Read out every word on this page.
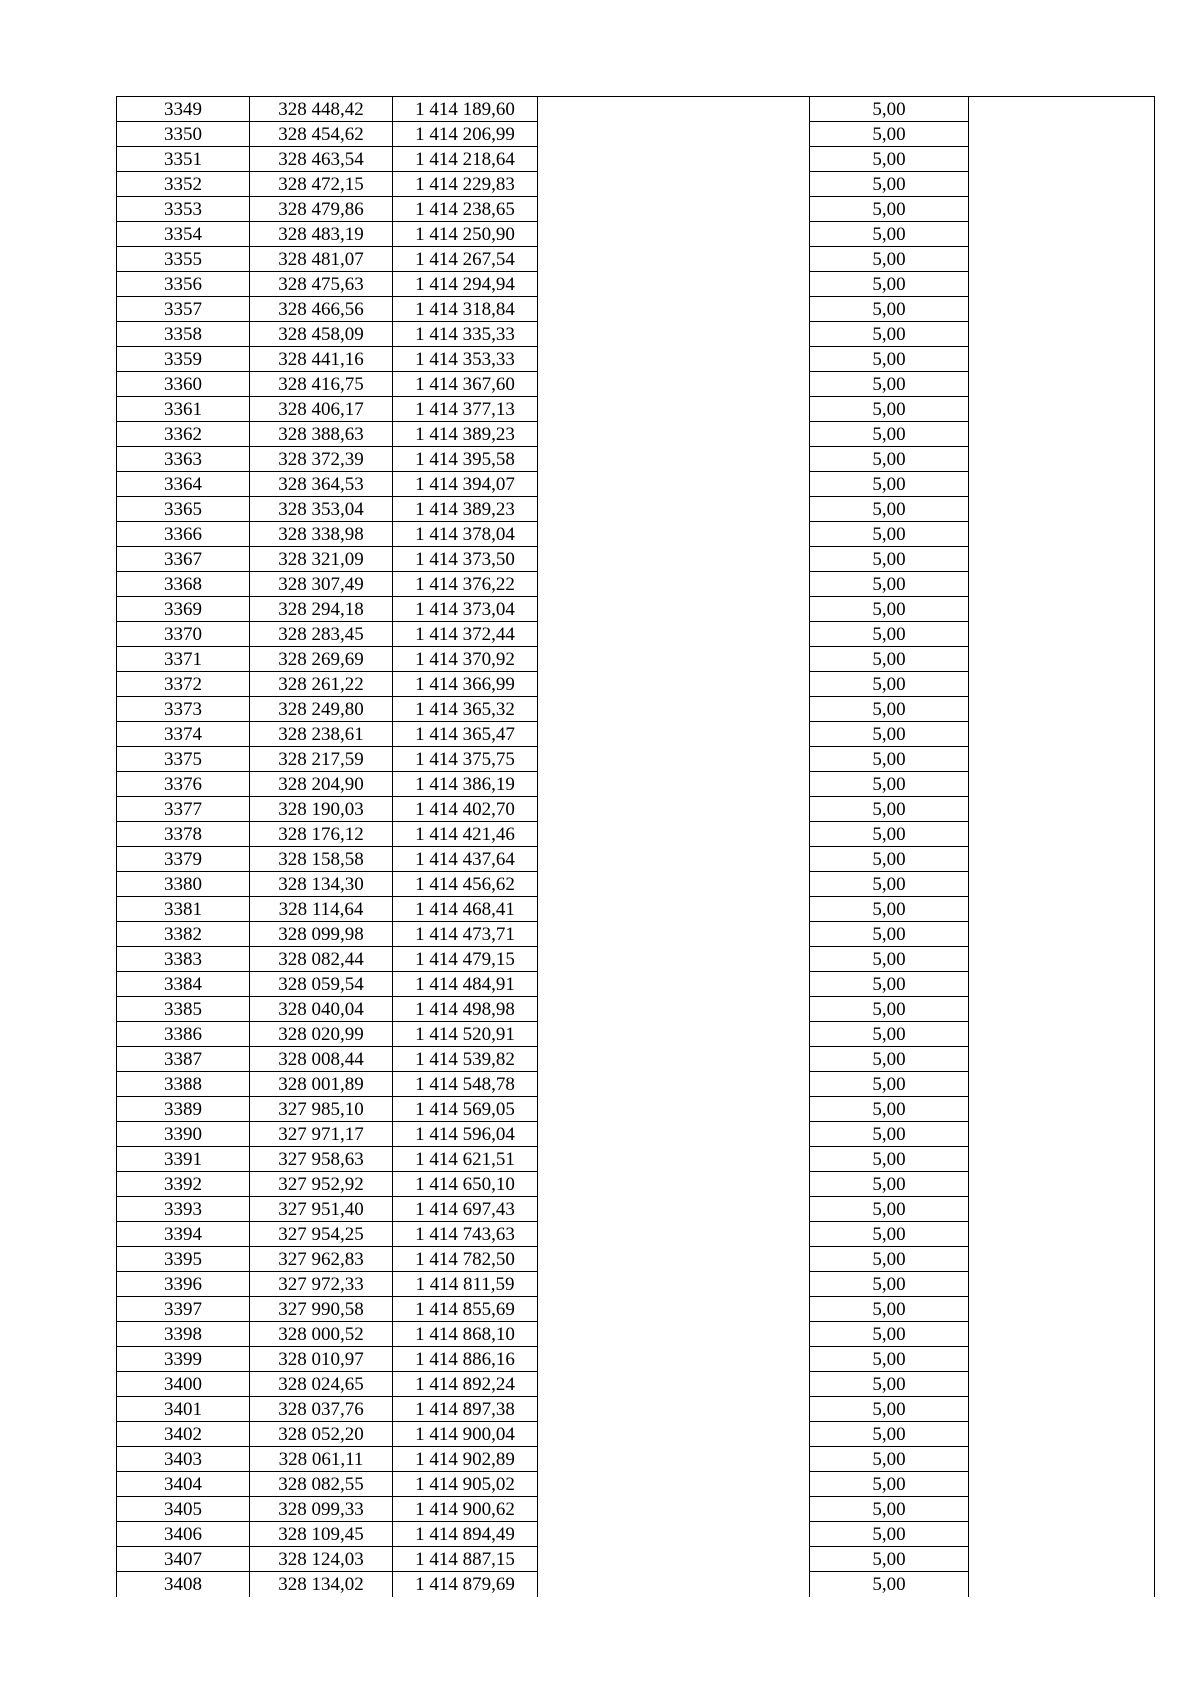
3349	328 448,42	1 414 189,60		5,00	
3350	328 454,62	1 414 206,99		5,00	
3351	328 463,54	1 414 218,64		5,00	
3352	328 472,15	1 414 229,83		5,00	
3353	328 479,86	1 414 238,65		5,00	
3354	328 483,19	1 414 250,90		5,00	
3355	328 481,07	1 414 267,54		5,00	
3356	328 475,63	1 414 294,94		5,00	
3357	328 466,56	1 414 318,84		5,00	
3358	328 458,09	1 414 335,33		5,00	
3359	328 441,16	1 414 353,33		5,00	
3360	328 416,75	1 414 367,60		5,00	
3361	328 406,17	1 414 377,13		5,00	
3362	328 388,63	1 414 389,23		5,00	
3363	328 372,39	1 414 395,58		5,00	
3364	328 364,53	1 414 394,07		5,00	
3365	328 353,04	1 414 389,23		5,00	
3366	328 338,98	1 414 378,04		5,00	
3367	328 321,09	1 414 373,50		5,00	
3368	328 307,49	1 414 376,22		5,00	
3369	328 294,18	1 414 373,04		5,00	
3370	328 283,45	1 414 372,44		5,00	
3371	328 269,69	1 414 370,92		5,00	
3372	328 261,22	1 414 366,99		5,00	
3373	328 249,80	1 414 365,32		5,00	
3374	328 238,61	1 414 365,47		5,00	
3375	328 217,59	1 414 375,75		5,00	
3376	328 204,90	1 414 386,19		5,00	
3377	328 190,03	1 414 402,70		5,00	
3378	328 176,12	1 414 421,46		5,00	
3379	328 158,58	1 414 437,64		5,00	
3380	328 134,30	1 414 456,62		5,00	
3381	328 114,64	1 414 468,41		5,00	
3382	328 099,98	1 414 473,71		5,00	
3383	328 082,44	1 414 479,15		5,00	
3384	328 059,54	1 414 484,91		5,00	
3385	328 040,04	1 414 498,98		5,00	
3386	328 020,99	1 414 520,91		5,00	
3387	328 008,44	1 414 539,82		5,00	
3388	328 001,89	1 414 548,78		5,00	
3389	327 985,10	1 414 569,05		5,00	
3390	327 971,17	1 414 596,04		5,00	
3391	327 958,63	1 414 621,51		5,00	
3392	327 952,92	1 414 650,10		5,00	
3393	327 951,40	1 414 697,43		5,00	
3394	327 954,25	1 414 743,63		5,00	
3395	327 962,83	1 414 782,50		5,00	
3396	327 972,33	1 414 811,59		5,00	
3397	327 990,58	1 414 855,69		5,00	
3398	328 000,52	1 414 868,10		5,00	
3399	328 010,97	1 414 886,16		5,00	
3400	328 024,65	1 414 892,24		5,00	
3401	328 037,76	1 414 897,38		5,00	
3402	328 052,20	1 414 900,04		5,00	
3403	328 061,11	1 414 902,89		5,00	
3404	328 082,55	1 414 905,02		5,00	
3405	328 099,33	1 414 900,62		5,00	
3406	328 109,45	1 414 894,49		5,00	
3407	328 124,03	1 414 887,15		5,00	
3408	328 134,02	1 414 879,69		5,00	
